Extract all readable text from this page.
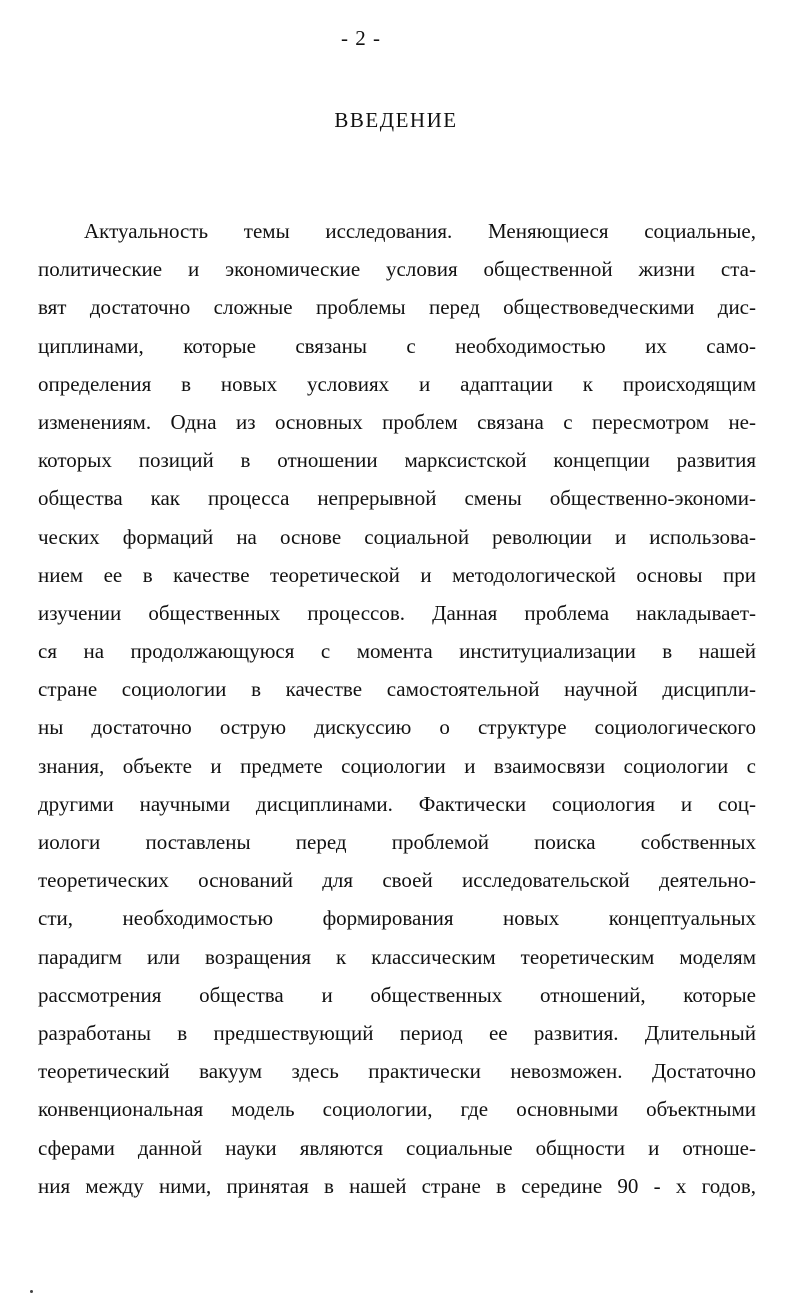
- 2 -
ВВЕДЕНИЕ
Актуальность темы исследования. Меняющиеся социальные,
политические и экономические условия общественной жизни ста-
вят достаточно сложные проблемы перед обществоведческими дис-
циплинами, которые связаны с необходимостью их само-
определения в новых условиях и адаптации к происходящим
изменениям. Одна из основных проблем связана с пересмотром не-
которых позиций в отношении марксистской концепции развития
общества как процесса непрерывной смены общественно-экономи-
ческих формаций на основе социальной революции и использова-
нием ее в качестве теоретической и методологической основы при
изучении общественных процессов. Данная проблема накладывает-
ся на продолжающуюся с момента институциализации в нашей
стране социологии в качестве самостоятельной научной дисципли-
ны достаточно острую дискуссию о структуре социологического
знания, объекте и предмете социологии и взаимосвязи социологии с
другими научными дисциплинами. Фактически социология и соц-
иологи поставлены перед проблемой поиска собственных
теоретических оснований для своей исследовательской деятельно-
сти, необходимостью формирования новых концептуальных
парадигм или возращения к классическим теоретическим моделям
рассмотрения общества и общественных отношений, которые
разработаны в предшествующий период ее развития. Длительный
теоретический вакуум здесь практически невозможен. Достаточно
конвенциональная модель социологии, где основными объектными
сферами данной науки являются социальные общности и отноше-
ния между ними, принятая в нашей стране в середине 90 - х годов,
